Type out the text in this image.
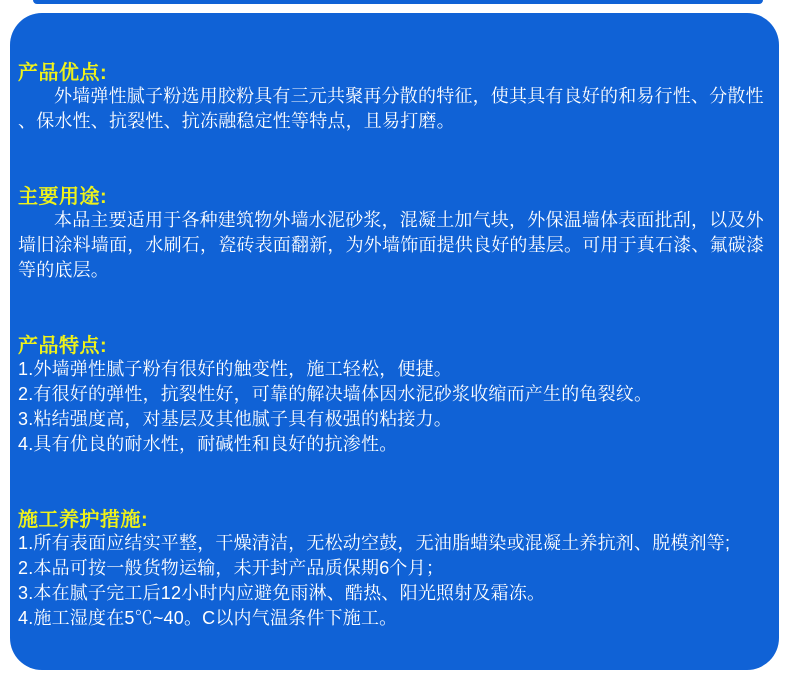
产品优点:

外墙弹性腻子粉选用胶粉具有三元共聚再分散的特征，使其具有良好的和易行性、分散性、保水性、抗裂性、抗冻融稳定性等特点，且易打磨。

主要用途:

本品主要适用于各种建筑物外墙水泥砂浆，混凝土加气块，外保温墙体表面批刮，以及外墙旧涂料墙面，水刷石，瓷砖表面翻新，为外墙饰面提供良好的基层。可用于真石漆、氟碳漆等的底层。

产品特点:

1.外墙弹性腻子粉有很好的触变性，施工轻松，便捷。

2.有很好的弹性，抗裂性好，可靠的解决墙体因水泥砂浆收缩而产生的龟裂纹。

3.粘结强度高，对基层及其他腻子具有极强的粘接力。

4.具有优良的耐水性，耐碱性和良好的抗渗性。

施工养护措施:

1.所有表面应结实平整，干燥清洁，无松动空鼓，无油脂蜡染或混凝土养抗剂、脱模剂等;

2.本品可按一般货物运输，未开封产品质保期6个月；

3.本在腻子完工后12小时内应避免雨淋、酷热、阳光照射及霜冻。

4.施工湿度在5℃~40。C以内气温条件下施工。
